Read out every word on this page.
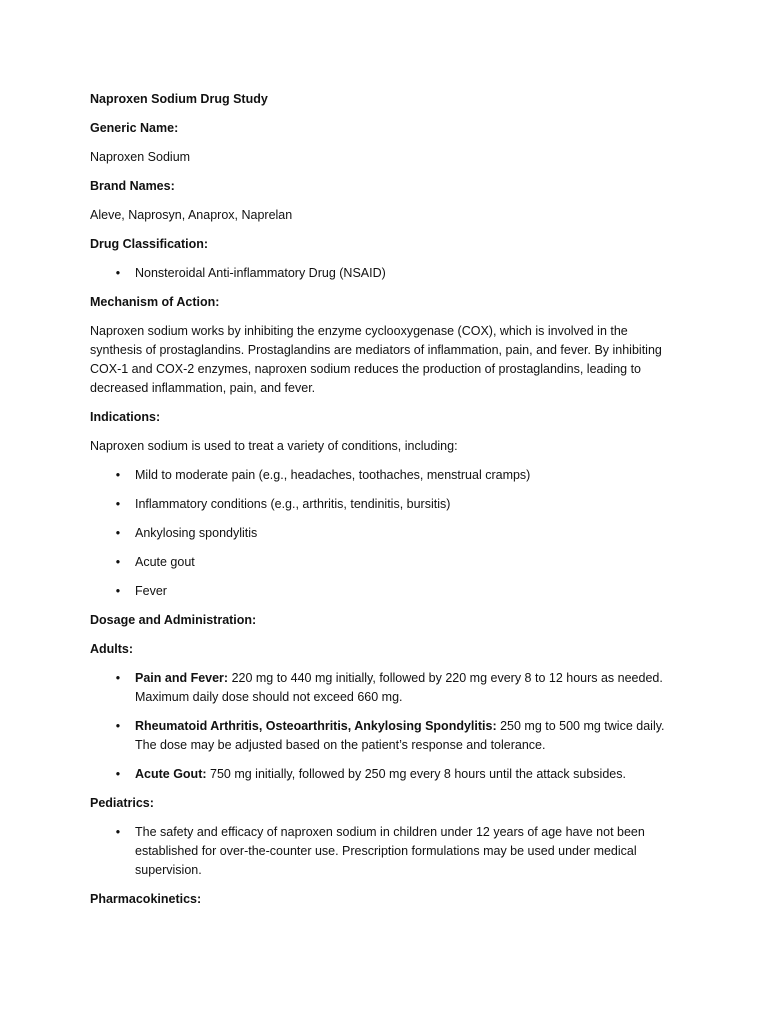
Naproxen Sodium Drug Study
Generic Name:
Naproxen Sodium
Brand Names:
Aleve, Naprosyn, Anaprox, Naprelan
Drug Classification:
• Nonsteroidal Anti-inflammatory Drug (NSAID)
Mechanism of Action:
Naproxen sodium works by inhibiting the enzyme cyclooxygenase (COX), which is involved in the synthesis of prostaglandins. Prostaglandins are mediators of inflammation, pain, and fever. By inhibiting COX-1 and COX-2 enzymes, naproxen sodium reduces the production of prostaglandins, leading to decreased inflammation, pain, and fever.
Indications:
Naproxen sodium is used to treat a variety of conditions, including:
• Mild to moderate pain (e.g., headaches, toothaches, menstrual cramps)
• Inflammatory conditions (e.g., arthritis, tendinitis, bursitis)
• Ankylosing spondylitis
• Acute gout
• Fever
Dosage and Administration:
Adults:
• Pain and Fever: 220 mg to 440 mg initially, followed by 220 mg every 8 to 12 hours as needed. Maximum daily dose should not exceed 660 mg.
• Rheumatoid Arthritis, Osteoarthritis, Ankylosing Spondylitis: 250 mg to 500 mg twice daily. The dose may be adjusted based on the patient’s response and tolerance.
• Acute Gout: 750 mg initially, followed by 250 mg every 8 hours until the attack subsides.
Pediatrics:
• The safety and efficacy of naproxen sodium in children under 12 years of age have not been established for over-the-counter use. Prescription formulations may be used under medical supervision.
Pharmacokinetics:
